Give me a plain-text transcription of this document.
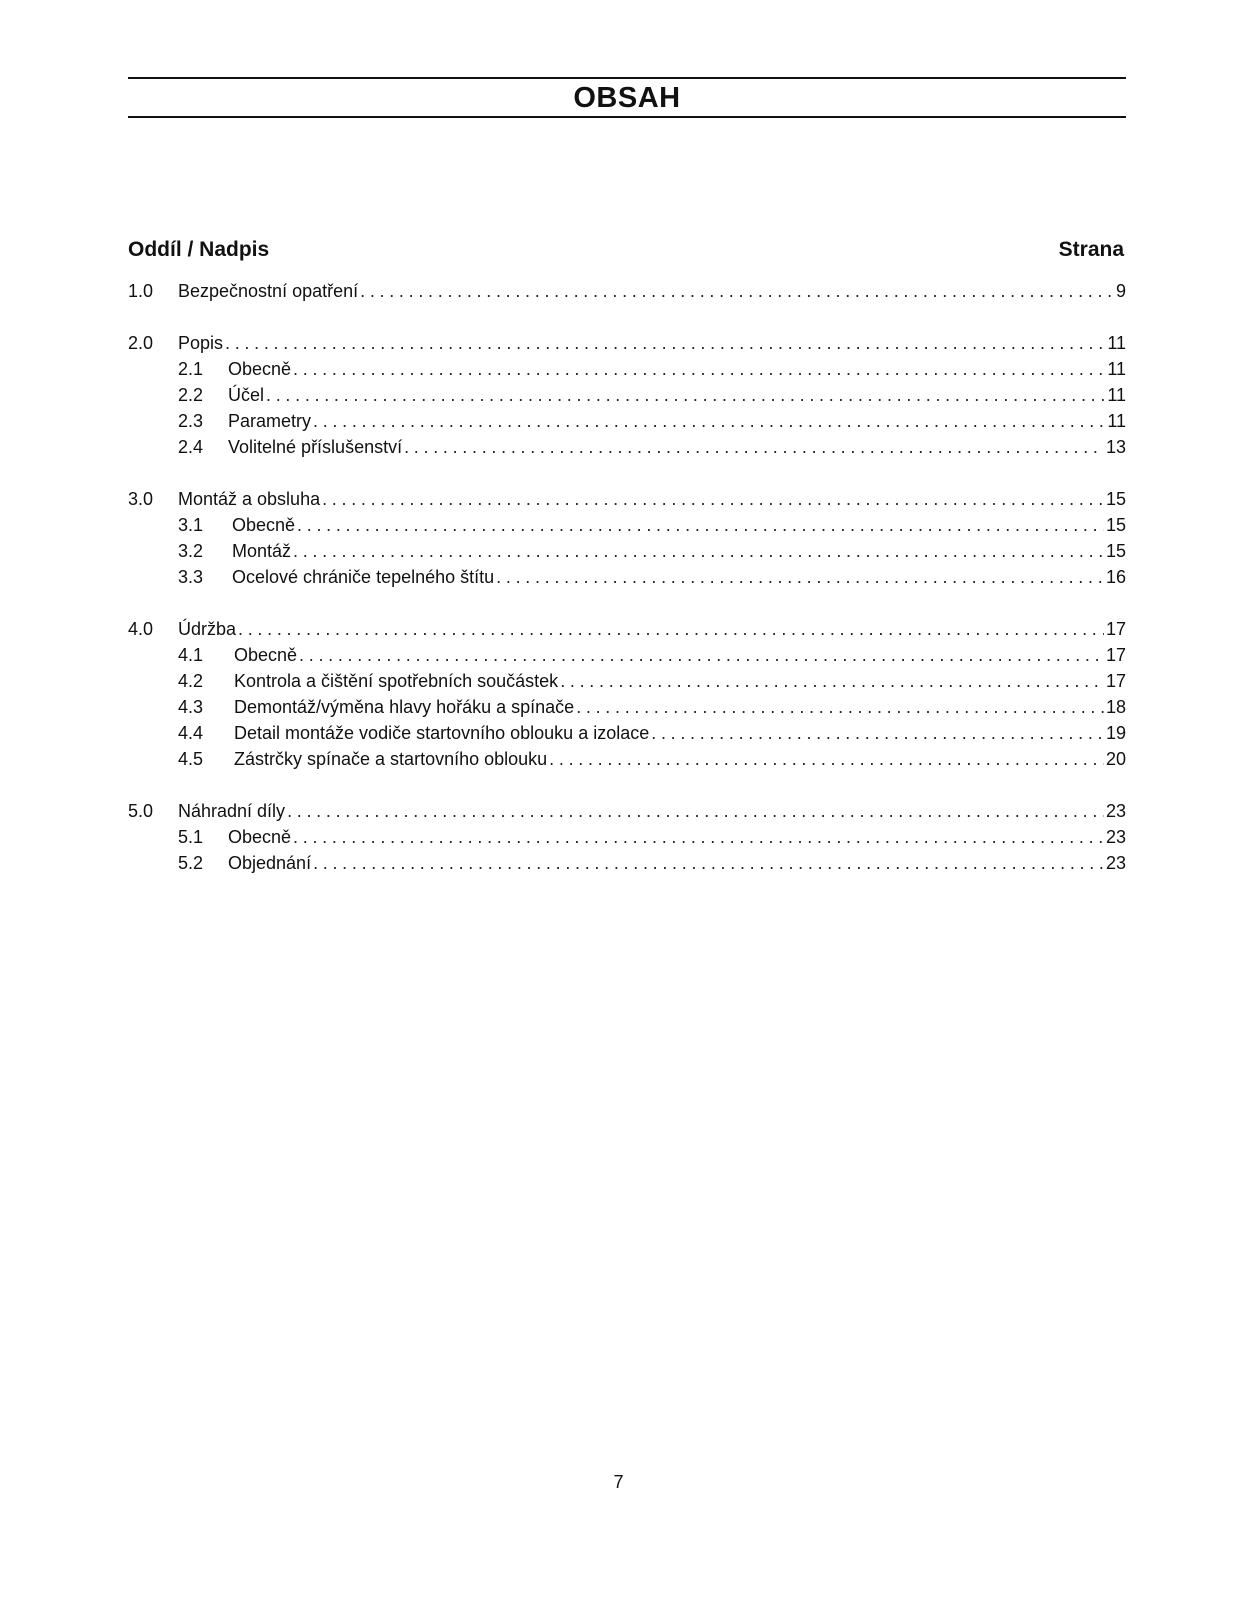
OBSAH
Oddíl / Nadpis	Strana
1.0	Bezpečnostní opatření . . .	9
2.0	Popis . . .	11
2.1	Obecně . . .	11
2.2	Účel . . .	11
2.3	Parametry . . .	11
2.4	Volitelné příslušenství . . .	13
3.0	Montáž a obsluha . . .	15
3.1	Obecně . . .	15
3.2	Montáž . . .	15
3.3	Ocelové chrániče tepelného štítu . . .	16
4.0	Údržba . . .	17
4.1	Obecně . . .	17
4.2	Kontrola a čištění spotřebních součástek . . .	17
4.3	Demontáž/výměna hlavy hořáku a spínače . . .	18
4.4	Detail montáže vodiče startovního oblouku a izolace . . .	19
4.5	Zástrčky spínače a startovního oblouku . . .	20
5.0	Náhradní díly . . .	23
5.1	Obecně . . .	23
5.2	Objednání . . .	23
7
